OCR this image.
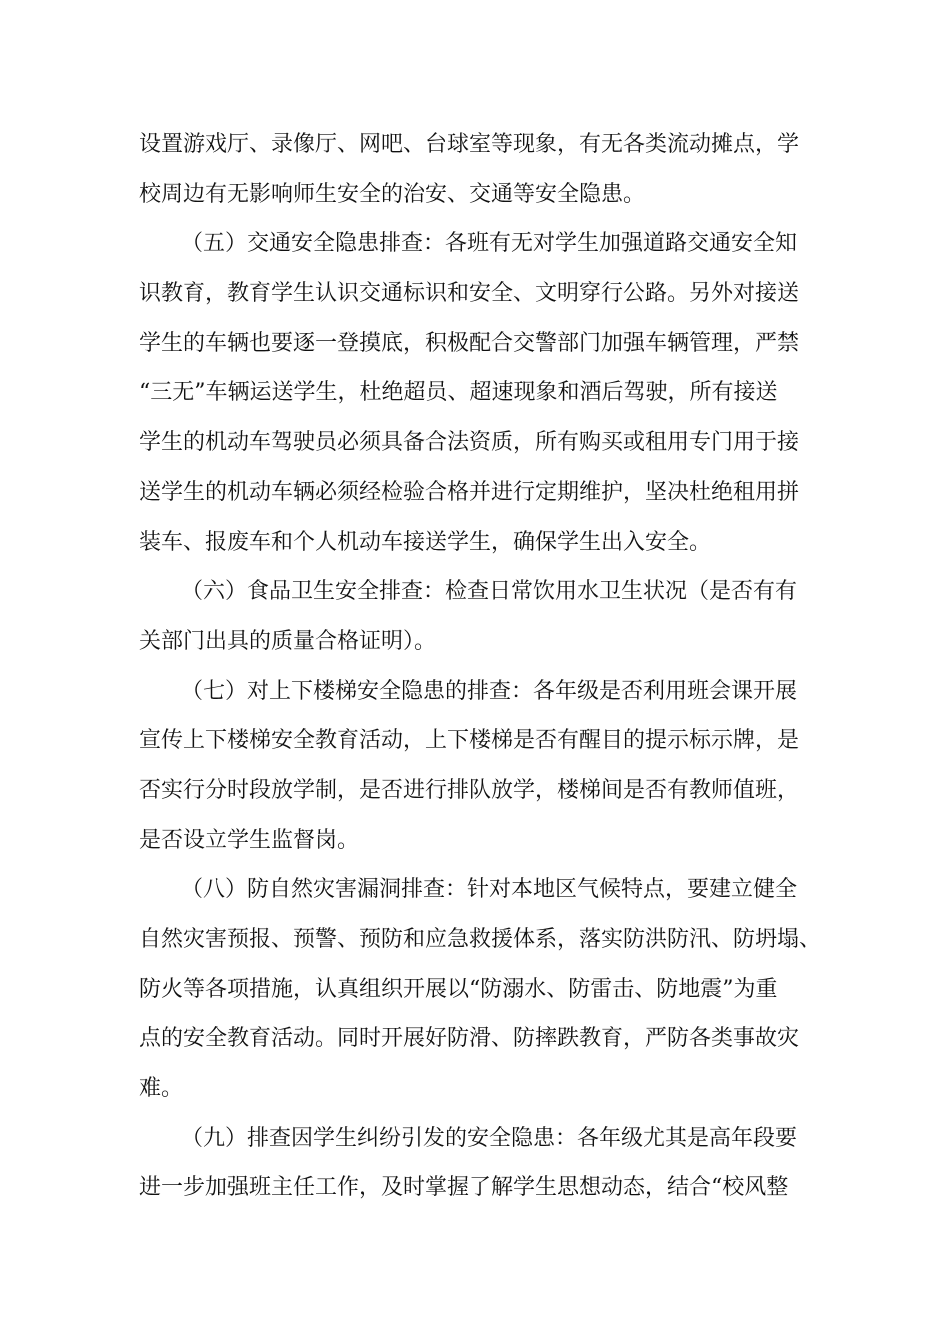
设置游戏厅、录像厅、网吧、台球室等现象，有无各类流动摊点，学
校周边有无影响师生安全的治安、交通等安全隐患。
（五）交通安全隐患排查：各班有无对学生加强道路交通安全知
识教育，教育学生认识交通标识和安全、文明穿行公路。另外对接送
学生的车辆也要逐一登摸底，积极配合交警部门加强车辆管理，严禁
“三无”车辆运送学生，杜绝超员、超速现象和酒后驾驶，所有接送
学生的机动车驾驶员必须具备合法资质，所有购买或租用专门用于接
送学生的机动车辆必须经检验合格并进行定期维护，坚决杜绝租用拼
装车、报废车和个人机动车接送学生，确保学生出入安全。
（六）食品卫生安全排查：检查日常饮用水卫生状况（是否有有
关部门出具的质量合格证明）。
（七）对上下楼梯安全隐患的排查：各年级是否利用班会课开展
宣传上下楼梯安全教育活动，上下楼梯是否有醒目的提示标示牌，是
否实行分时段放学制，是否进行排队放学，楼梯间是否有教师值班，
是否设立学生监督岗。
（八）防自然灾害漏洞排查：针对本地区气候特点，要建立健全
自然灾害预报、预警、预防和应急救援体系，落实防洪防汛、防坍塌、
防火等各项措施，认真组织开展以“防溺水、防雷击、防地震”为重
点的安全教育活动。同时开展好防滑、防摔跌教育，严防各类事故灾
难。
（九）排查因学生纠纷引发的安全隐患：各年级尤其是高年段要
进一步加强班主任工作，及时掌握了解学生思想动态，结合“校风整
